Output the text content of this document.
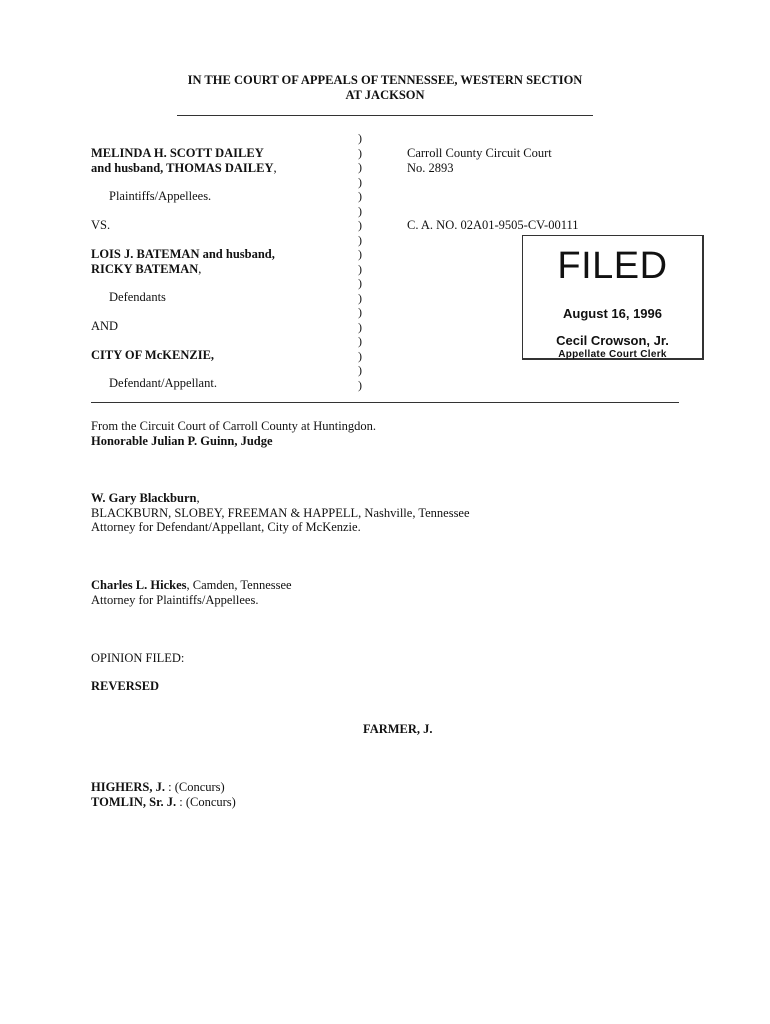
IN THE COURT OF APPEALS OF TENNESSEE, WESTERN SECTION
AT JACKSON
MELINDA H. SCOTT DAILEY
and husband, THOMAS DAILEY,
Plaintiffs/Appellees.
VS.
LOIS J. BATEMAN and husband,
RICKY BATEMAN,
Defendants
AND
CITY OF McKENZIE,
Defendant/Appellant.
)
)
)
)
)
)
)
)
)
)
)
)
)
)
)
)
)
)
Carroll County Circuit Court
No. 2893
C. A. NO. 02A01-9505-CV-00111
FILED
August 16, 1996
Cecil Crowson, Jr.
Appellate Court Clerk
From the Circuit Court of Carroll County at Huntingdon.
Honorable Julian P. Guinn, Judge
W. Gary Blackburn,
BLACKBURN, SLOBEY, FREEMAN & HAPPELL, Nashville, Tennessee
Attorney for Defendant/Appellant, City of McKenzie.
Charles L. Hickes, Camden, Tennessee
Attorney for Plaintiffs/Appellees.
OPINION FILED:
REVERSED
FARMER, J.
HIGHERS, J. : (Concurs)
TOMLIN, Sr. J. : (Concurs)
